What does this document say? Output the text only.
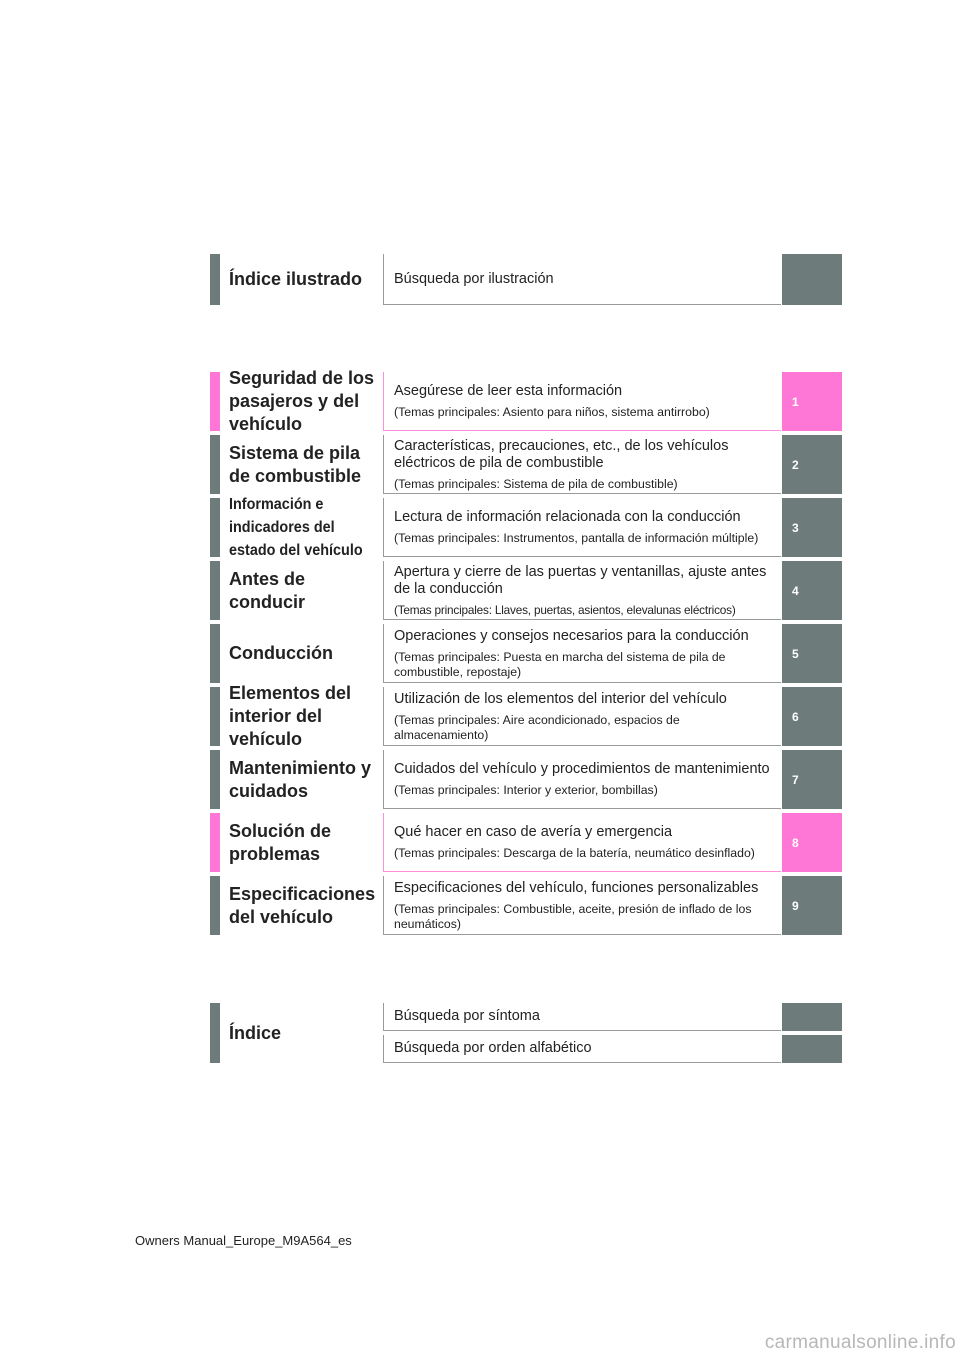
Índice ilustrado	Búsqueda por ilustración
Seguridad de los pasajeros y del vehículo
Asegúrese de leer esta información
(Temas principales: Asiento para niños, sistema antirrobo)
1
Sistema de pila de combustible
Características, precauciones, etc., de los vehículos eléctricos de pila de combustible
(Temas principales: Sistema de pila de combustible)
2
Información e indicadores del estado del vehículo
Lectura de información relacionada con la conducción
(Temas principales: Instrumentos, pantalla de información múltiple)
3
Antes de conducir
Apertura y cierre de las puertas y ventanillas, ajuste antes de la conducción
(Temas principales: Llaves, puertas, asientos, elevalunas eléctricos)
4
Conducción
Operaciones y consejos necesarios para la conducción
(Temas principales: Puesta en marcha del sistema de pila de combustible, repostaje)
5
Elementos del interior del vehículo
Utilización de los elementos del interior del vehículo
(Temas principales: Aire acondicionado, espacios de almacenamiento)
6
Mantenimiento y cuidados
Cuidados del vehículo y procedimientos de mantenimiento
(Temas principales: Interior y exterior, bombillas)
7
Solución de problemas
Qué hacer en caso de avería y emergencia
(Temas principales: Descarga de la batería, neumático desinflado)
8
Especificaciones del vehículo
Especificaciones del vehículo, funciones personalizables
(Temas principales: Combustible, aceite, presión de inflado de los neumáticos)
9
Índice
Búsqueda por síntoma
Búsqueda por orden alfabético
Owners Manual_Europe_M9A564_es
carmanualsonline.info
